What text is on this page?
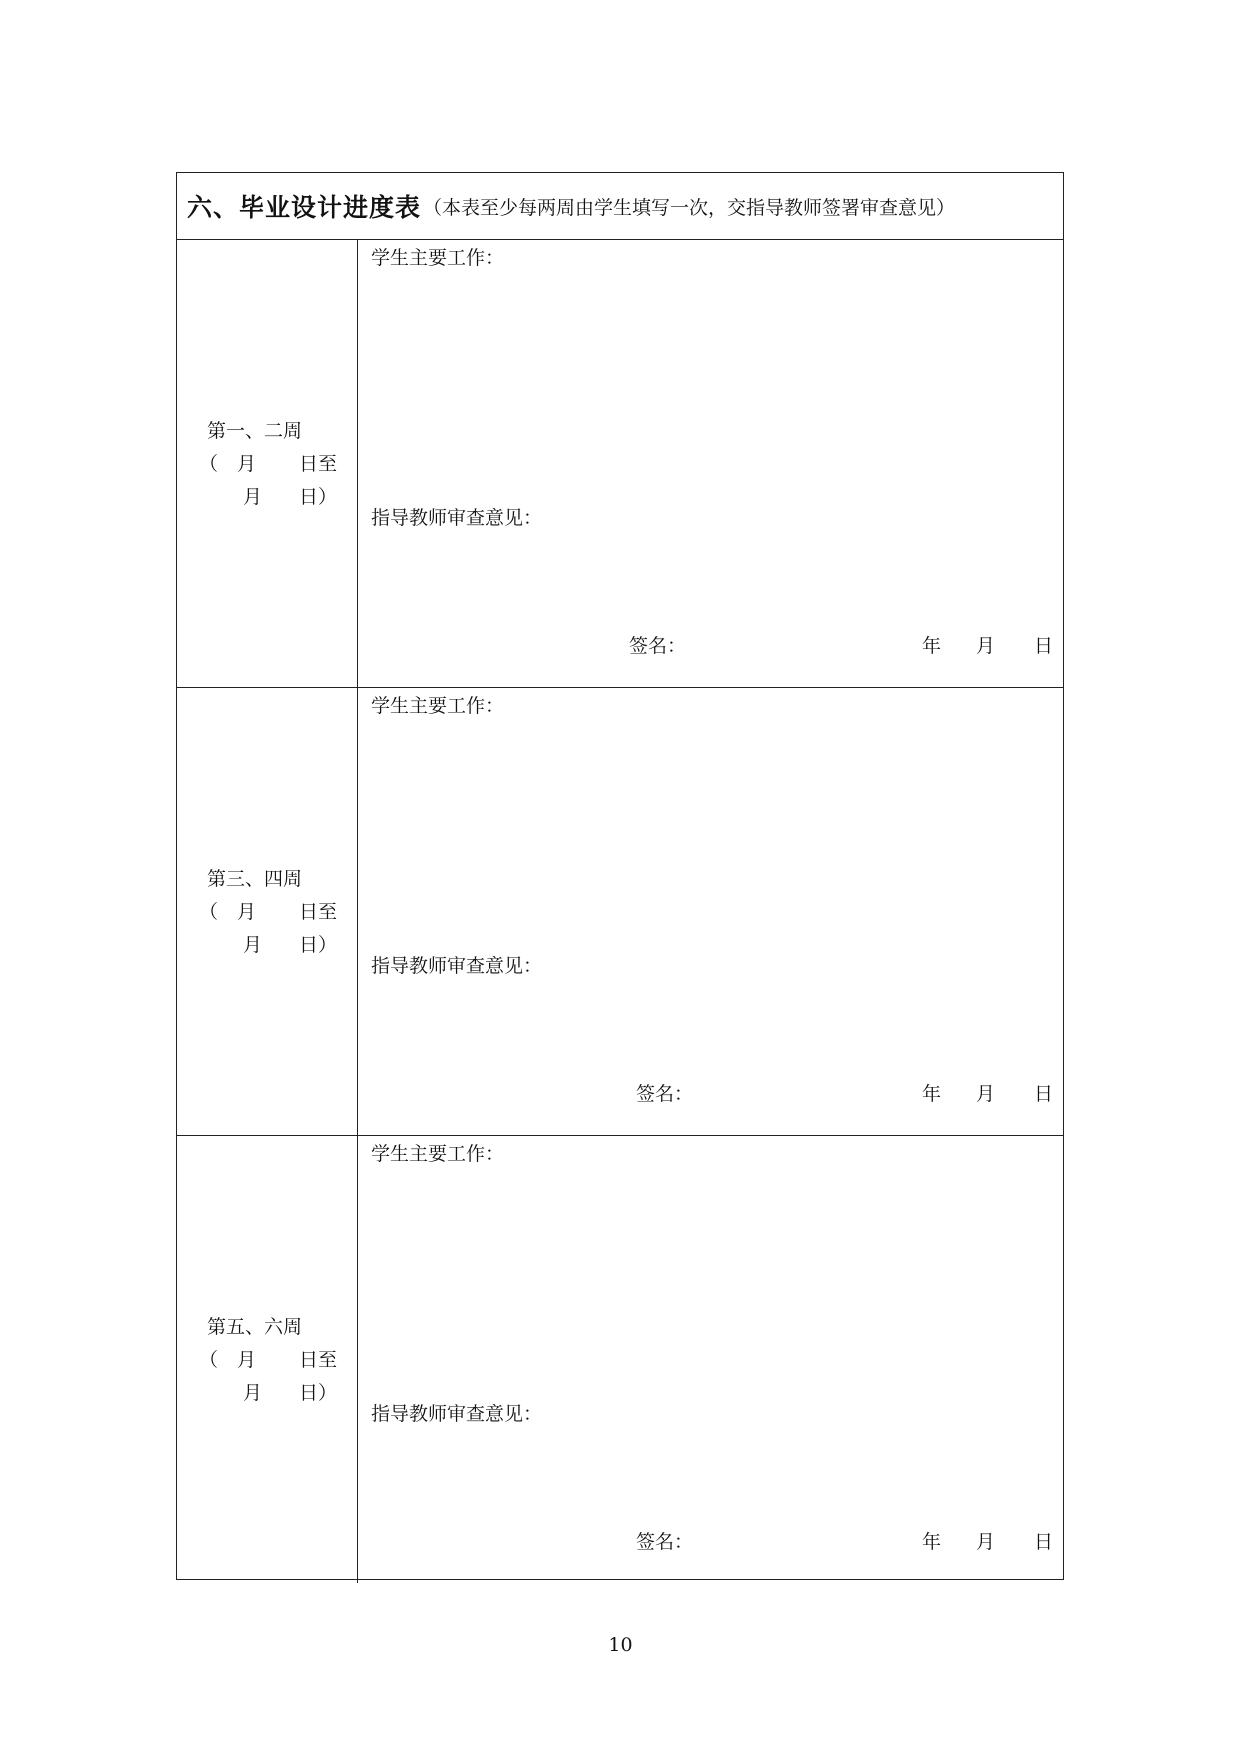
六、毕业设计进度表 （本表至少每两周由学生填写一次，交指导教师签署审查意见）
第一、二周
（ 月 日至
月 日）
学生主要工作：
指导教师审查意见：
签名：	年 月 日
第三、四周
（ 月 日至
月 日）
学生主要工作：
指导教师审查意见：
签名：	年 月 日
第五、六周
（ 月 日至
月 日）
学生主要工作：
指导教师审查意见：
签名：	年 月 日
10
